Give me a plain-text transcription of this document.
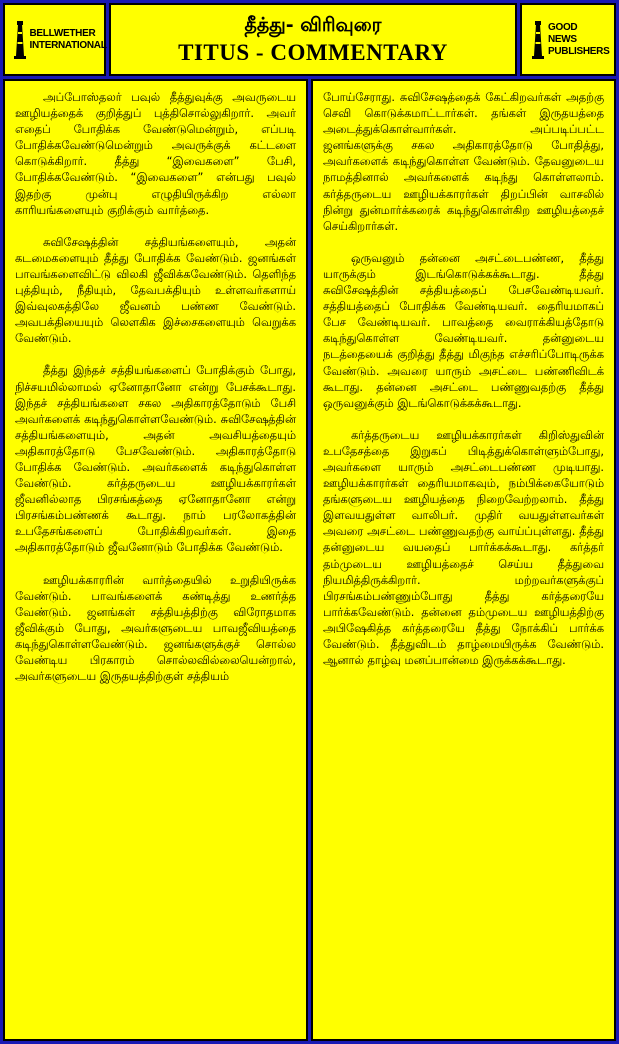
BELLWETHER INTERNATIONAL
தீத்து- விரிவுரை
TITUS - COMMENTARY
GOOD NEWS PUBLISHERS

அப்போஸ்தலர் பவுல் தீத்துவுக்கு அவருடைய ஊழியத்தைக் குறித்துப் புத்திசொல்லுகிறார். அவர் எதைப் போதிக்க வேண்டுமென்றும், எப்படி போதிக்கவேண்டுமென்றும் அவருக்குக் கட்டளை கொடுக்கிறார். தீத்து “இவைகளை” பேசி, போதிக்கவேண்டும். “இவைகளை” என்பது பவுல் இதற்கு முன்பு எழுதியிருக்கிற எல்லா காரியங்களையும் குறிக்கும் வார்த்தை.

சுவிசேஷத்தின் சத்தியங்களையும், அதன் கடமைகளையும் தீத்து போதிக்க வேண்டும். ஜனங்கள் பாவங்களைவிட்டு விலகி ஜீவிக்கவேண்டும். தெளிந்த புத்தியும், நீதியும், தேவபக்தியும் உள்ளவர்களாய் இவ்வுலகத்திலே ஜீவனம் பண்ண வேண்டும். அவபக்தியையும் லௌகிக இச்சைகளையும் வெறுக்க வேண்டும்.

தீத்து இந்தச் சத்தியங்களைப் போதிக்கும் போது, நிச்சயமில்லாமல் ஏனோதானோ என்று பேசக்கூடாது. இந்தச் சத்தியங்களை சகல அதிகாரத்தோடும் பேசி அவர்களைக் கடிந்துகொள்ளவேண்டும். சுவிசேஷத்தின் சத்தியங்களையும், அதன் அவசியத்தையும் அதிகாரத்தோடு பேசவேண்டும். அதிகாரத்தோடு போதிக்க வேண்டும். அவர்களைக் கடிந்துகொள்ள வேண்டும். கர்த்தருடைய ஊழியக்காரர்கள் ஜீவனில்லாத பிரசங்கத்தை ஏனோதானோ என்று பிரசங்கம்பண்ணக் கூடாது. நாம் பரலோகத்தின் உபதேசங்களைப் போதிக்கிறவர்கள். இதை அதிகாரத்தோடும் ஜீவனோடும் போதிக்க வேண்டும்.

ஊழியக்காரரின் வார்த்தையில் உறுதியிருக்க வேண்டும். பாவங்களைக் கண்டித்து உணர்த்த வேண்டும். ஜனங்கள் சத்தியத்திற்கு விரோதமாக ஜீவிக்கும் போது, அவர்களுடைய பாவஜீவியத்தை கடிந்துகொள்ளவேண்டும். ஜனங்களுக்குச் சொல்ல வேண்டிய பிரகாரம் சொல்லவில்லையென்றால், அவர்களுடைய இருதயத்திற்குள் சத்தியம்

போய்சேராது. சுவிசேஷத்தைக் கேட்கிறவர்கள் அதற்கு செவி கொடுக்கமாட்டார்கள். தங்கள் இருதயத்தை அடைத்துக்கொள்வார்கள். அப்படிப்பட்ட ஜனங்களுக்கு சகல அதிகாரத்தோடு போதித்து, அவர்களைக் கடிந்துகொள்ள வேண்டும். தேவனுடைய நாமத்தினால் அவர்களைக் கடிந்து கொள்ளலாம். கர்த்தருடைய ஊழியக்காரர்கள் திறப்பின் வாசலில் நின்று துன்மார்க்கரைக் கடிந்துகொள்கிற ஊழியத்தைச் செய்கிறார்கள்.

ஒருவனும் தன்னை அசட்டைபண்ண, தீத்து யாருக்கும் இடங்கொடுக்கக்கூடாது. தீத்து சுவிசேஷத்தின் சத்தியத்தைப் பேசவேண்டியவர். சத்தியத்தைப் போதிக்க வேண்டியவர். தைரியமாகப் பேச வேண்டியவர். பாவத்தை வைராக்கியத்தோடு கடிந்துகொள்ள வேண்டியவர். தன்னுடைய நடத்தையைக் குறித்து தீத்து மிகுந்த எச்சரிப்போடிருக்க வேண்டும். அவரை யாரும் அசட்டை பண்ணிவிடக் கூடாது. தன்னை அசட்டை பண்ணுவதற்கு தீத்து ஒருவனுக்கும் இடங்கொடுக்கக்கூடாது.

கர்த்தருடைய ஊழியக்காரர்கள் கிறிஸ்துவின் உபதேசத்தை இறுகப் பிடித்துக்கொள்ளும்போது, அவர்களை யாரும் அசட்டைபண்ண முடியாது. ஊழியக்காரர்கள் தைரியமாகவும், நம்பிக்கையோடும் தங்களுடைய ஊழியத்தை நிறைவேற்றலாம். தீத்து இளவயதுள்ள வாலிபர். முதிர் வயதுள்ளவர்கள் அவரை அசட்டை பண்ணுவதற்கு வாய்ப்புள்ளது. தீத்து தன்னுடைய வயதைப் பார்க்கக்கூடாது. கர்த்தர் தம்முடைய ஊழியத்தைச் செய்ய தீத்துவை நியமித்திருக்கிறார். மற்றவர்களுக்குப் பிரசங்கம்பண்ணும்போது தீத்து கர்த்தரையே பார்க்கவேண்டும். தன்னை தம்முடைய ஊழியத்திற்கு அபிஷேகித்த கர்த்தரையே தீத்து நோக்கிப் பார்க்க வேண்டும். தீத்துவிடம் தாழ்மையிருக்க வேண்டும். ஆனால் தாழ்வு மனப்பான்மை இருக்கக்கூடாது.
